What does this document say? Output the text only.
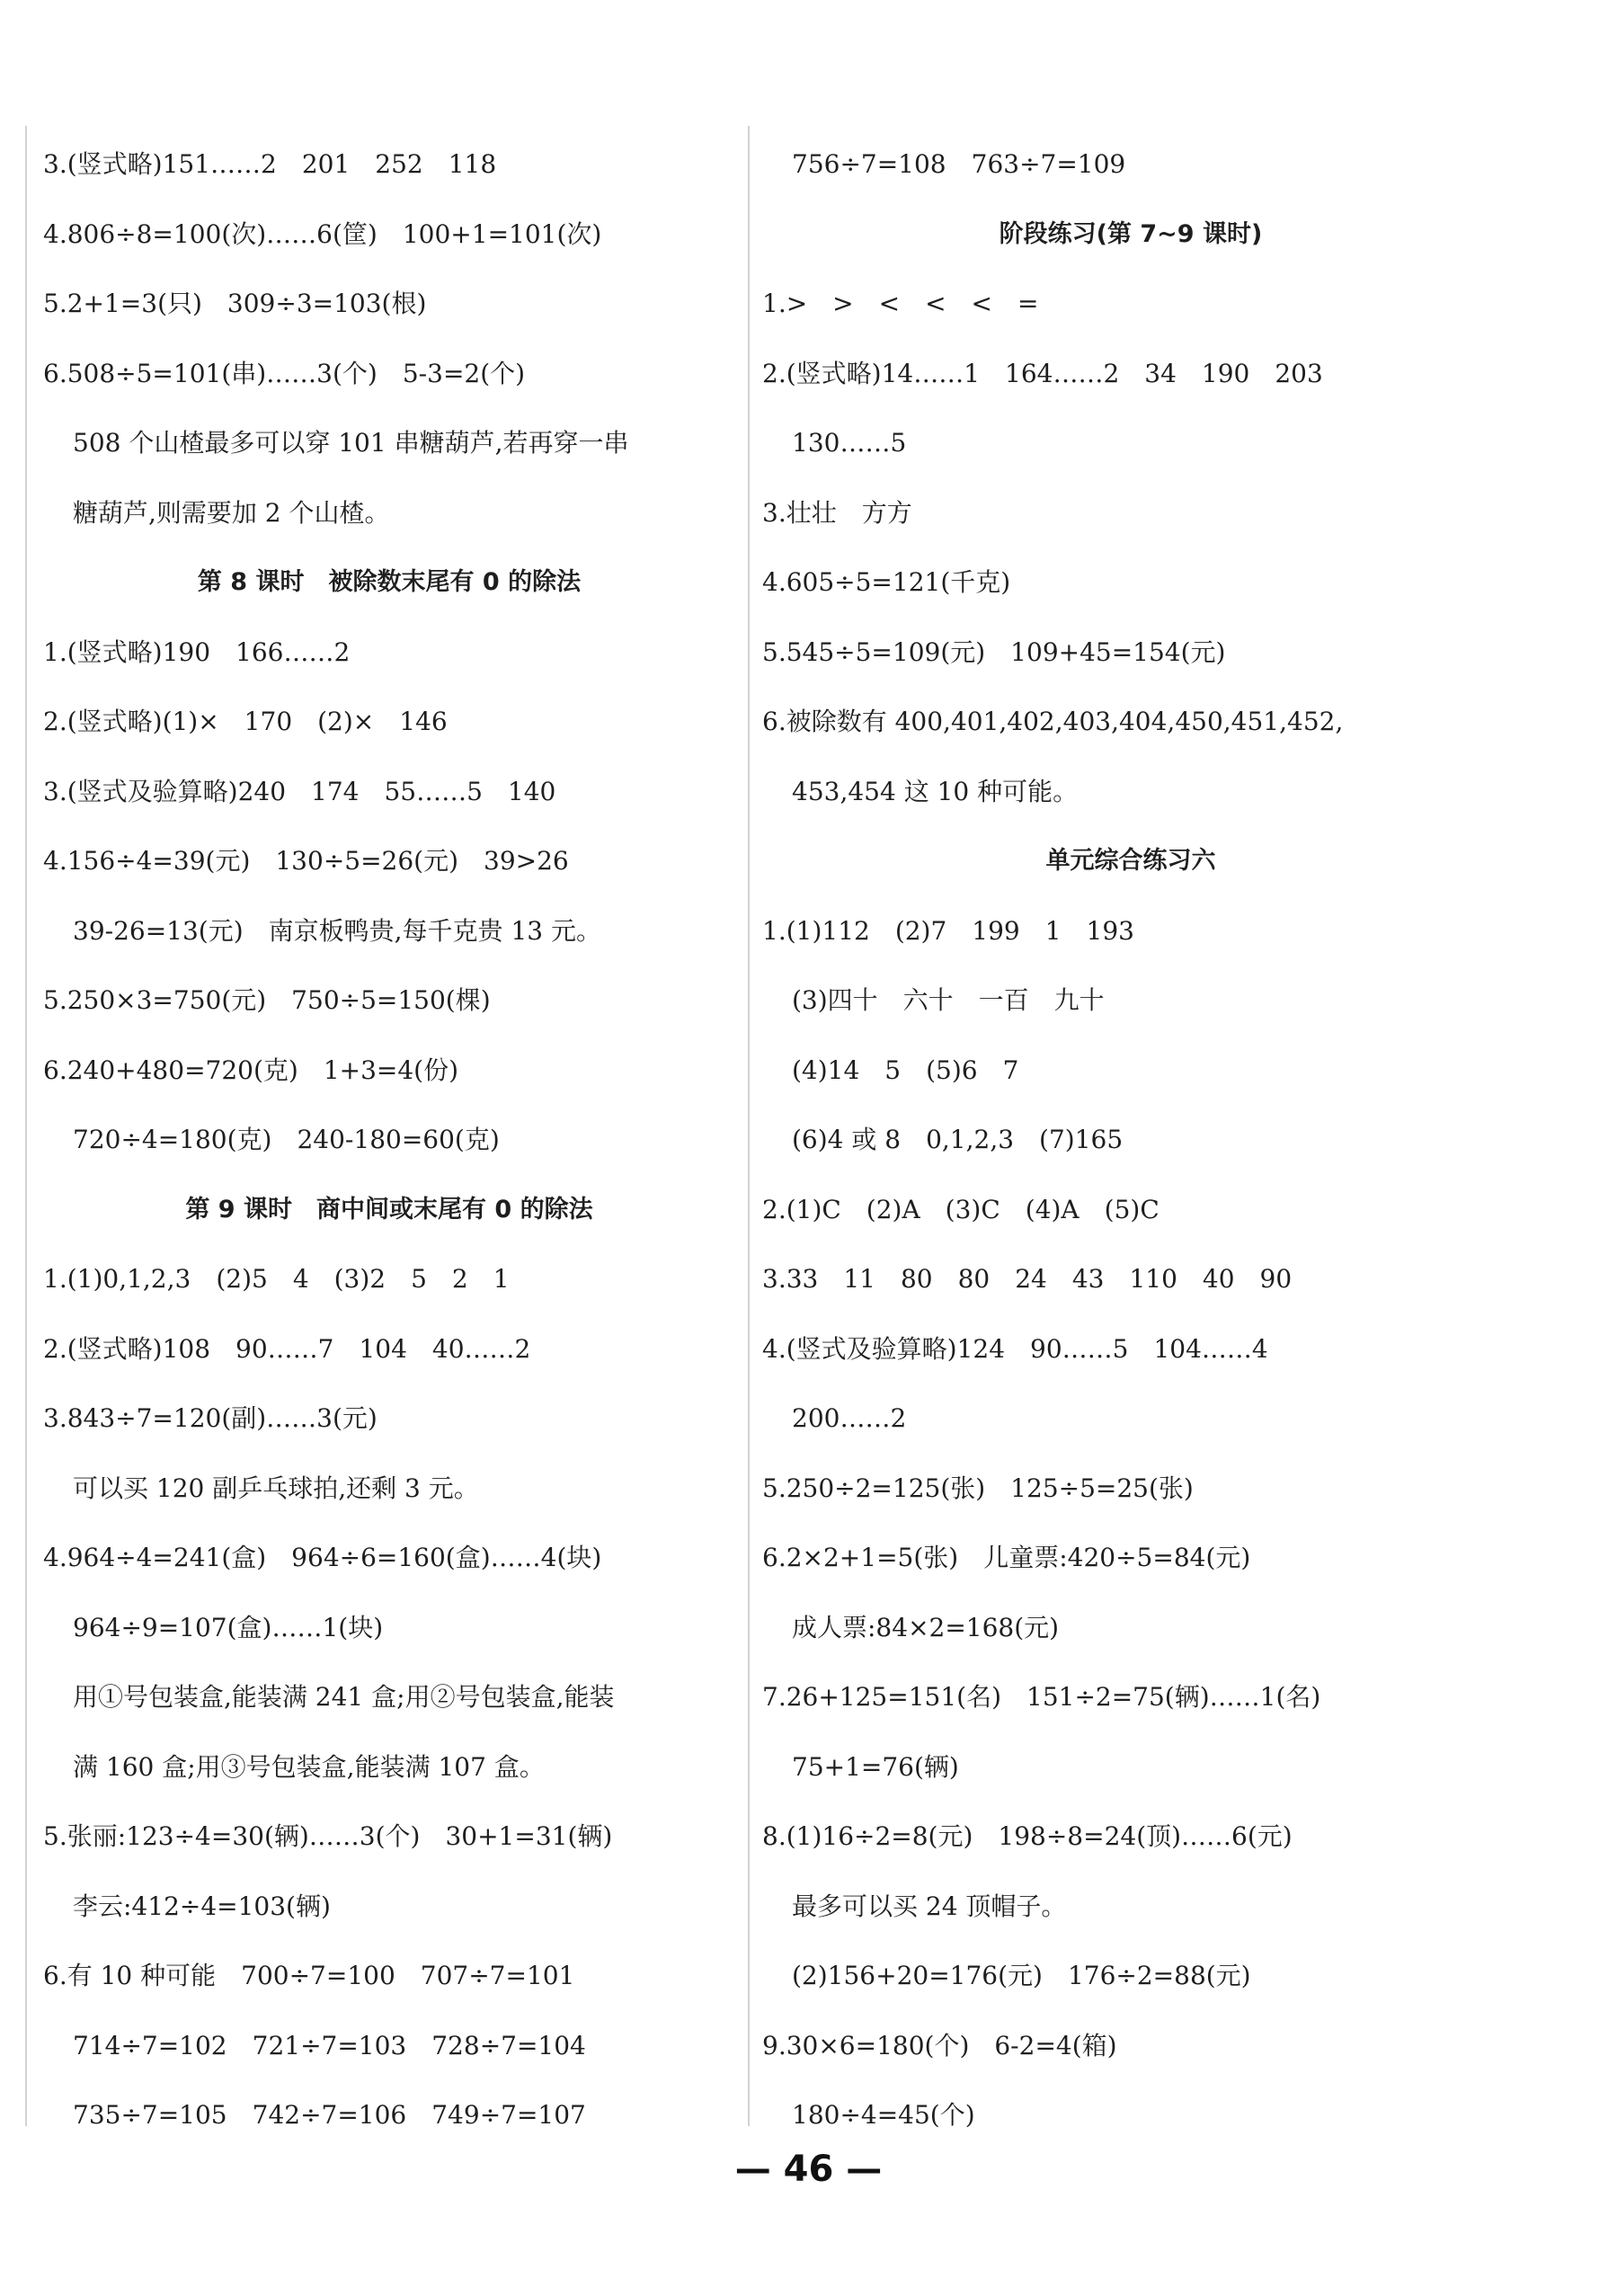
3.(竖式略)151……2　201　252　118
4.806÷8=100(次)……6(筐)　100+1=101(次)
5.2+1=3(只)　309÷3=103(根)
6.508÷5=101(串)……3(个)　5-3=2(个)
508 个山楂最多可以穿 101 串糖葫芦,若再穿一串
糖葫芦,则需要加 2 个山楂。
第 8 课时　被除数末尾有 0 的除法
1.(竖式略)190　166……2
2.(竖式略)(1)×　170　(2)×　146
3.(竖式及验算略)240　174　55……5　140
4.156÷4=39(元)　130÷5=26(元)　39>26
39-26=13(元)　南京板鸭贵,每千克贵 13 元。
5.250×3=750(元)　750÷5=150(棵)
6.240+480=720(克)　1+3=4(份)
720÷4=180(克)　240-180=60(克)
第 9 课时　商中间或末尾有 0 的除法
1.(1)0,1,2,3　(2)5　4　(3)2　5　2　1
2.(竖式略)108　90……7　104　40……2
3.843÷7=120(副)……3(元)
可以买 120 副乒乓球拍,还剩 3 元。
4.964÷4=241(盒)　964÷6=160(盒)……4(块)
964÷9=107(盒)……1(块)
用①号包装盒,能装满 241 盒;用②号包装盒,能装
满 160 盒;用③号包装盒,能装满 107 盒。
5.张丽:123÷4=30(辆)……3(个)　30+1=31(辆)
李云:412÷4=103(辆)
6.有 10 种可能　700÷7=100　707÷7=101
714÷7=102　721÷7=103　728÷7=104
735÷7=105　742÷7=106　749÷7=107
756÷7=108　763÷7=109
阶段练习(第 7~9 课时)
1.>　>　<　<　<　=
2.(竖式略)14……1　164……2　34　190　203
130……5
3.壮壮　方方
4.605÷5=121(千克)
5.545÷5=109(元)　109+45=154(元)
6.被除数有 400,401,402,403,404,450,451,452,
453,454 这 10 种可能。
单元综合练习六
1.(1)112　(2)7　199　1　193
(3)四十　六十　一百　九十
(4)14　5　(5)6　7
(6)4 或 8　0,1,2,3　(7)165
2.(1)C　(2)A　(3)C　(4)A　(5)C
3.33　11　80　80　24　43　110　40　90
4.(竖式及验算略)124　90……5　104……4
200……2
5.250÷2=125(张)　125÷5=25(张)
6.2×2+1=5(张)　儿童票:420÷5=84(元)
成人票:84×2=168(元)
7.26+125=151(名)　151÷2=75(辆)……1(名)
75+1=76(辆)
8.(1)16÷2=8(元)　198÷8=24(顶)……6(元)
最多可以买 24 顶帽子。
(2)156+20=176(元)　176÷2=88(元)
9.30×6=180(个)　6-2=4(箱)
180÷4=45(个)
— 46 —
